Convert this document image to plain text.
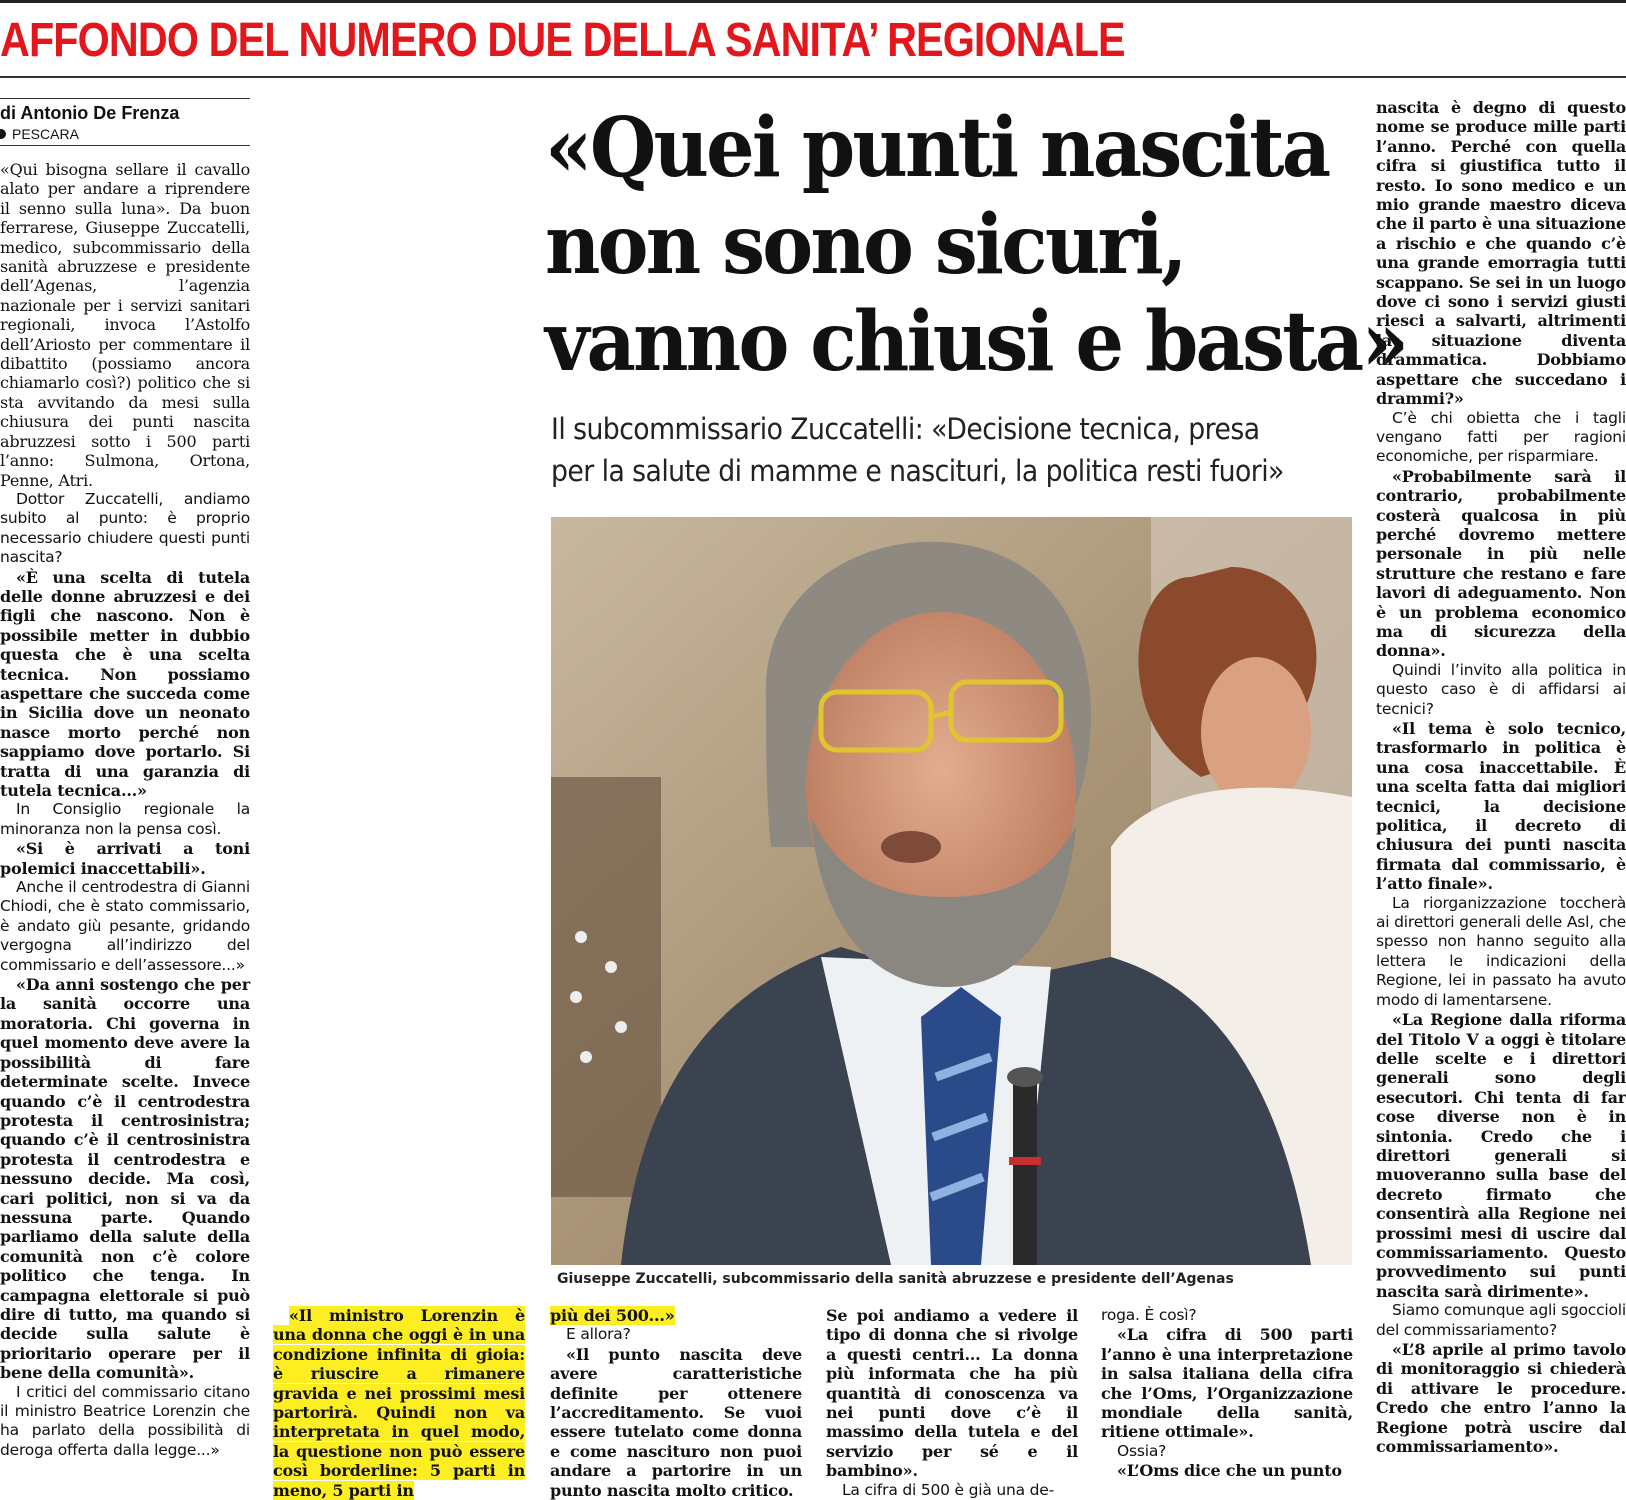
AFFONDO DEL NUMERO DUE DELLA SANITA’ REGIONALE
di Antonio De Frenza
PESCARA

«Qui bisogna sellare il cavallo alato per andare a riprendere il senno sulla luna». Da buon ferrarese, Giuseppe Zuccatelli, medico, subcommissario della sanità abruzzese e presidente dell’Agenas, l’agenzia nazionale per i servizi sanitari regionali, invoca l’Astolfo dell’Ariosto per commentare il dibattito (possiamo ancora chiamarlo così?) politico che si sta avvitando da mesi sulla chiusura dei punti nascita abruzzesi sotto i 500 parti l’anno: Sulmona, Ortona, Penne, Atri.

Dottor Zuccatelli, andiamo subito al punto: è proprio necessario chiudere questi punti nascita?

«È una scelta di tutela delle donne abruzzesi e dei figli che nascono. Non è possibile metter in dubbio questa che è una scelta tecnica. Non possiamo aspettare che succeda come in Sicilia dove un neonato nasce morto perché non sappiamo dove portarlo. Si tratta di una garanzia di tutela tecnica...»

In Consiglio regionale la minoranza non la pensa così.

«Si è arrivati a toni polemici inaccettabili».

Anche il centrodestra di Gianni Chiodi, che è stato commissario, è andato giù pesante, gridando vergogna all’indirizzo del commissario e dell’assessore...»

«Da anni sostengo che per la sanità occorre una moratoria. Chi governa in quel momento deve avere la possibilità di fare determinate scelte. Invece quando c’è il centrodestra protesta il centrosinistra; quando c’è il centrosinistra protesta il centrodestra e nessuno decide. Ma così, cari politici, non si va da nessuna parte. Quando parliamo della salute della comunità non c’è colore politico che tenga. In campagna elettorale si può dire di tutto, ma quando si decide sulla salute è prioritario operare per il bene della comunità».

I critici del commissario citano il ministro Beatrice Lorenzin che ha parlato della possibilità di deroga offerta dalla legge...»

«Il ministro Lorenzin è una donna che oggi è in una condizione infinita di gioia: è riuscire a rimanere gravida e nei prossimi mesi partorirà. Quindi non va interpretata in quel modo, la questione non può essere così borderline: 5 parti in meno, 5 parti in

più dei 500...»

E allora?

«Il punto nascita deve avere caratteristiche definite per ottenere l’accreditamento. Se vuoi essere tutelato come donna e come nascituro non puoi andare a partorire in un punto nascita molto critico.

Se poi andiamo a vedere il tipo di donna che si rivolge a questi centri... La donna più informata che ha più quantità di conoscenza va nei punti dove c’è il massimo della tutela e del servizio per sé e il bambino».

La cifra di 500 è già una de-

roga. È così?

«La cifra di 500 parti l’anno è una interpretazione in salsa italiana della cifra che l’Oms, l’Organizzazione mondiale della sanità, ritiene ottimale».

Ossia?

«L’Oms dice che un punto

nascita è degno di questo nome se produce mille parti l’anno. Perché con quella cifra si giustifica tutto il resto. Io sono medico e un mio grande maestro diceva che il parto è una situazione a rischio e che quando c’è una grande emorragia tutti scappano. Se sei in un luogo dove ci sono i servizi giusti riesci a salvarti, altrimenti la situazione diventa drammatica. Dobbiamo aspettare che succedano i drammi?»

C’è chi obietta che i tagli vengano fatti per ragioni economiche, per risparmiare.

«Probabilmente sarà il contrario, probabilmente costerà qualcosa in più perché dovremo mettere personale in più nelle strutture che restano e fare lavori di adeguamento. Non è un problema economico ma di sicurezza della donna».

Quindi l’invito alla politica in questo caso è di affidarsi ai tecnici?

«Il tema è solo tecnico, trasformarlo in politica è una cosa inaccettabile. È una scelta fatta dai migliori tecnici, la decisione politica, il decreto di chiusura dei punti nascita firmata dal commissario, è l’atto finale».

La riorganizzazione toccherà ai direttori generali delle Asl, che spesso non hanno seguito alla lettera le indicazioni della Regione, lei in passato ha avuto modo di lamentarsene.

«La Regione dalla riforma del Titolo V a oggi è titolare delle scelte e i direttori generali sono degli esecutori. Chi tenta di far cose diverse non è in sintonia. Credo che i direttori generali si muoveranno sulla base del decreto firmato che consentirà alla Regione nei prossimi mesi di uscire dal commissariamento. Questo provvedimento sui punti nascita sarà dirimente».

Siamo comunque agli sgoccioli del commissariamento?

«L’8 aprile al primo tavolo di monitoraggio si chiederà di attivare le procedure. Credo che entro l’anno la Regione potrà uscire dal commissariamento».

«Quei punti nascita
non sono sicuri,
vanno chiusi e basta»
Il subcommissario Zuccatelli: «Decisione tecnica, presa
per la salute di mamme e nascituri, la politica resti fuori»
Giuseppe Zuccatelli, subcommissario della sanità abruzzese e presidente dell’Agenas
